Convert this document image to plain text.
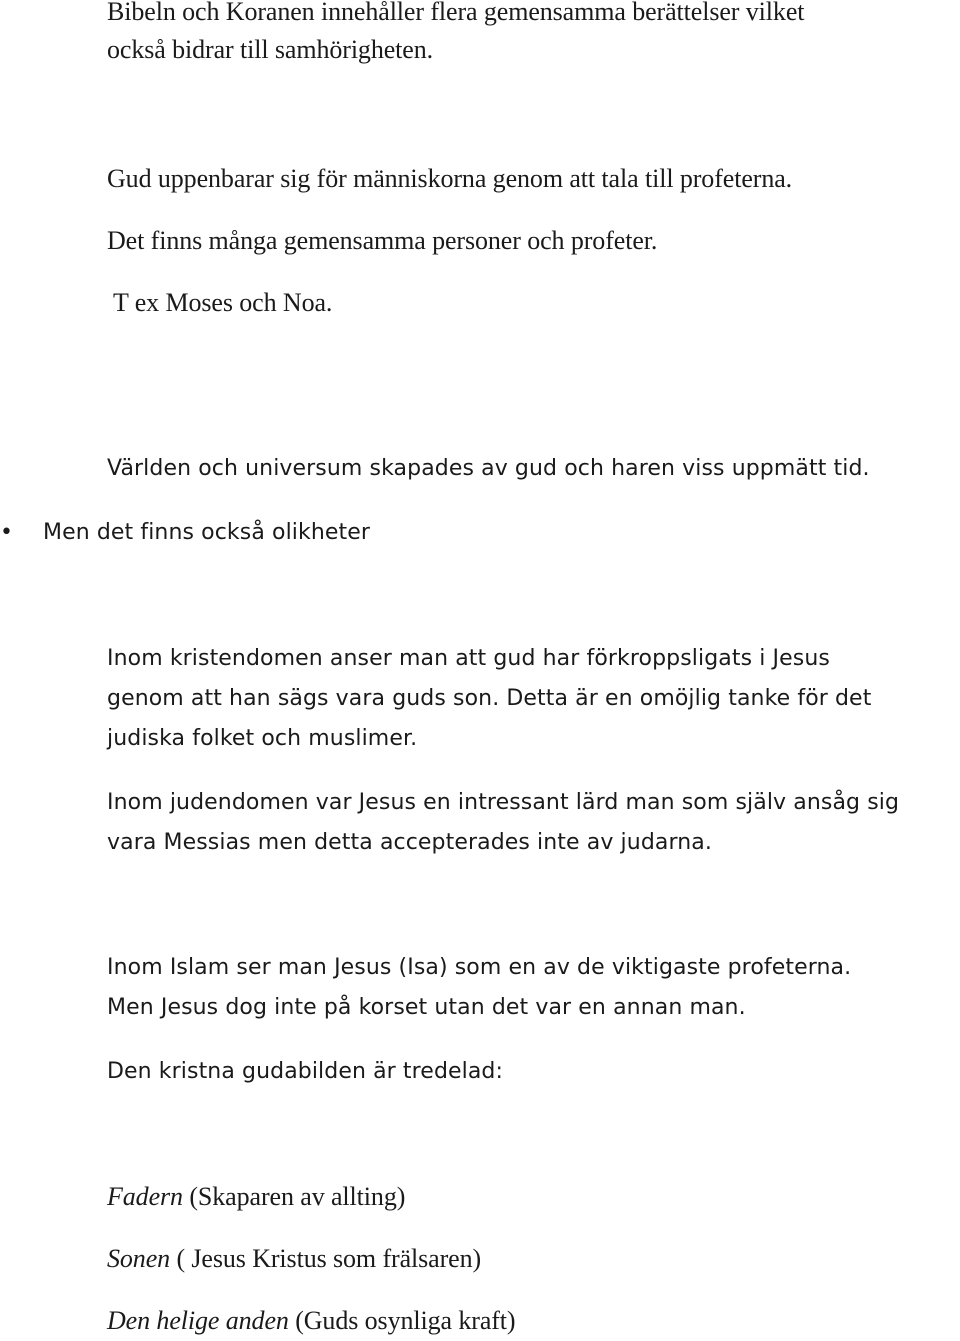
Bibeln och Koranen innehåller flera gemensamma berättelser vilket
också bidrar till samhörigheten.
Gud uppenbarar sig för människorna genom att tala till profeterna.
Det finns många gemensamma personer och profeter.
T ex Moses och Noa.
Världen och universum skapades av gud och haren viss uppmätt tid.
• Men det finns också olikheter
Inom kristendomen anser man att gud har förkroppsligats i Jesus
genom att han sägs vara guds son. Detta är en omöjlig tanke för det
judiska folket och muslimer.
Inom judendomen var Jesus en intressant lärd man som själv ansåg sig
vara Messias men detta accepterades inte av judarna.
Inom Islam ser man Jesus (Isa) som en av de viktigaste profeterna.
Men Jesus dog inte på korset utan det var en annan man.
Den kristna gudabilden är tredelad:
Fadern (Skaparen av allting)
Sonen ( Jesus Kristus som frälsaren)
Den helige anden (Guds osynliga kraft)
